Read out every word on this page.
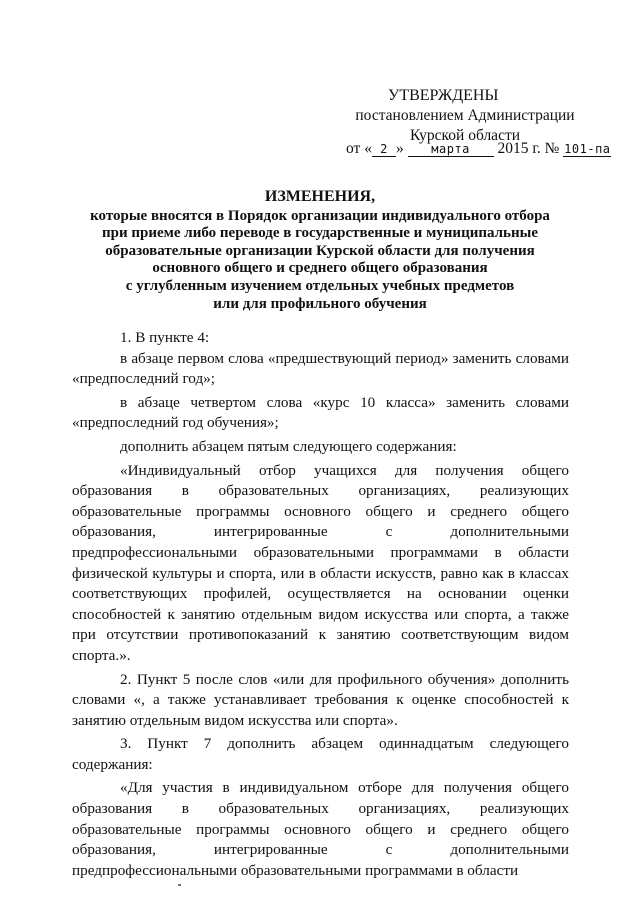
УТВЕРЖДЕНЫ
постановлением Администрации
Курской области
от « 2 » марта 2015 г. № 101-па
ИЗМЕНЕНИЯ,
которые вносятся в Порядок организации индивидуального отбора
при приеме либо переводе в государственные и муниципальные
образовательные организации Курской области для получения
основного общего и среднего общего образования
с углубленным изучением отдельных учебных предметов
или для профильного обучения

1. В пункте 4:

в абзаце первом слова «предшествующий период» заменить словами «предпоследний год»;

в абзаце четвертом слова «курс 10 класса» заменить словами «предпоследний год обучения»;

дополнить абзацем пятым следующего содержания:

«Индивидуальный отбор учащихся для получения общего образования в образовательных организациях, реализующих образовательные программы основного общего и среднего общего образования, интегрированные с дополнительными предпрофессиональными образовательными программами в области физической культуры и спорта, или в области искусств, равно как в классах соответствующих профилей, осуществляется на основании оценки способностей к занятию отдельным видом искусства или спорта, а также при отсутствии противопоказаний к занятию соответствующим видом спорта.».

2. Пункт 5 после слов «или для профильного обучения» дополнить словами «, а также устанавливает требования к оценке способностей к занятию отдельным видом искусства или спорта».

3. Пункт 7 дополнить абзацем одиннадцатым следующего содержания:

«Для участия в индивидуальном отборе для получения общего образования в образовательных организациях, реализующих образовательные программы основного общего и среднего общего образования, интегрированные с дополнительными предпрофессиональными образовательными программами в области
